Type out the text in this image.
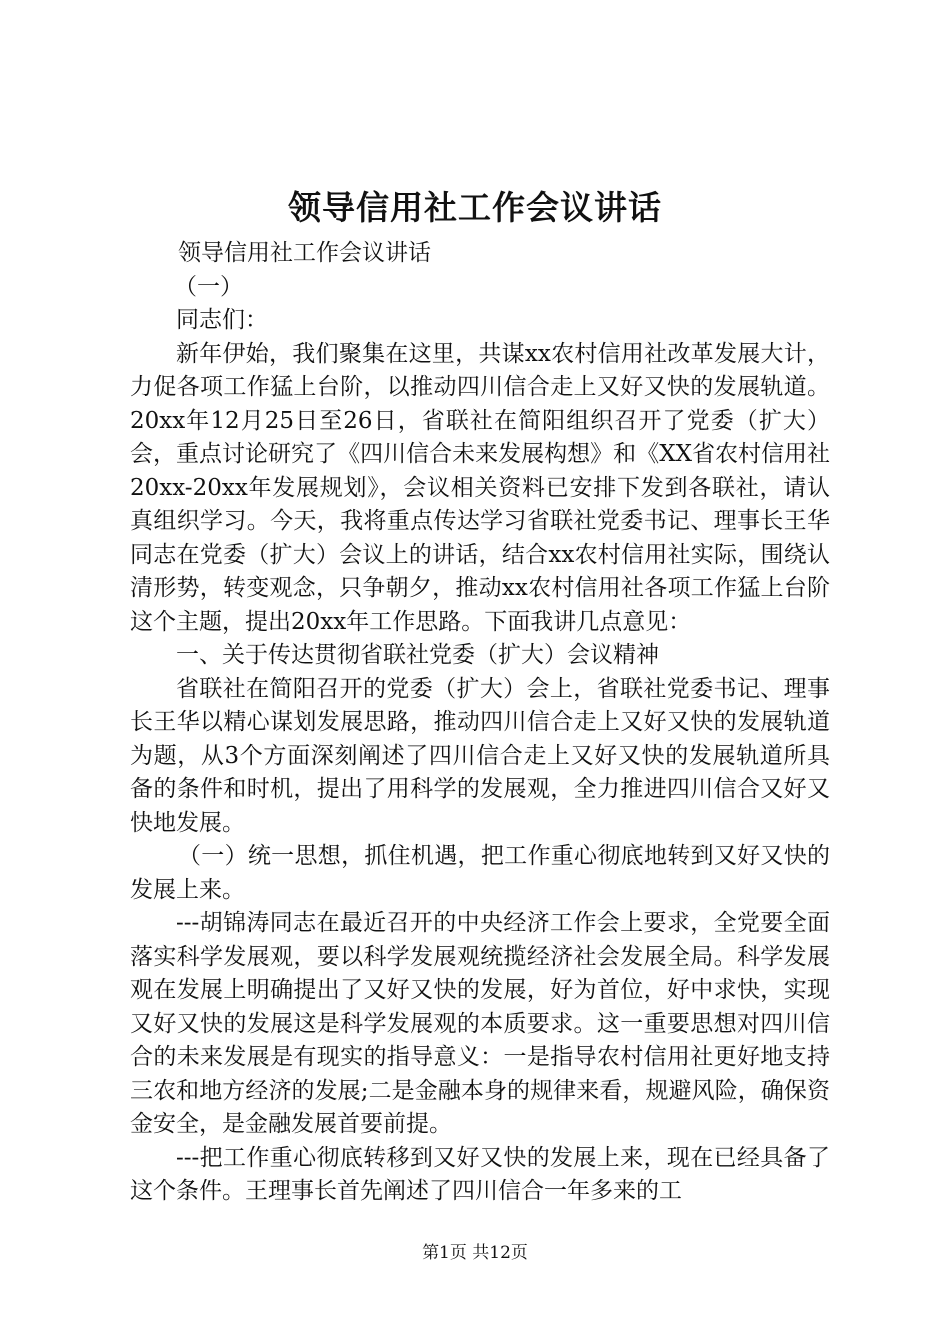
领导信用社工作会议讲话

领导信用社工作会议讲话

（一）

同志们：

新年伊始，我们聚集在这里，共谋xx农村信用社改革发展大计，力促各项工作猛上台阶，以推动四川信合走上又好又快的发展轨道。20xx年12月25日至26日，省联社在简阳组织召开了党委（扩大）会，重点讨论研究了《四川信合未来发展构想》和《XX省农村信用社20xx-20xx年发展规划》，会议相关资料已安排下发到各联社，请认真组织学习。今天，我将重点传达学习省联社党委书记、理事长王华同志在党委（扩大）会议上的讲话，结合xx农村信用社实际，围绕认清形势，转变观念，只争朝夕，推动xx农村信用社各项工作猛上台阶这个主题，提出20xx年工作思路。下面我讲几点意见：

一、关于传达贯彻省联社党委（扩大）会议精神

省联社在简阳召开的党委（扩大）会上，省联社党委书记、理事长王华以精心谋划发展思路，推动四川信合走上又好又快的发展轨道为题，从3个方面深刻阐述了四川信合走上又好又快的发展轨道所具备的条件和时机，提出了用科学的发展观，全力推进四川信合又好又快地发展。

（一）统一思想，抓住机遇，把工作重心彻底地转到又好又快的发展上来。

---胡锦涛同志在最近召开的中央经济工作会上要求，全党要全面落实科学发展观，要以科学发展观统揽经济社会发展全局。科学发展观在发展上明确提出了又好又快的发展，好为首位，好中求快，实现又好又快的发展这是科学发展观的本质要求。这一重要思想对四川信合的未来发展是有现实的指导意义：一是指导农村信用社更好地支持三农和地方经济的发展;二是金融本身的规律来看，规避风险，确保资金安全，是金融发展首要前提。

---把工作重心彻底转移到又好又快的发展上来，现在已经具备了这个条件。王理事长首先阐述了四川信合一年多来的工

第1页 共12页
